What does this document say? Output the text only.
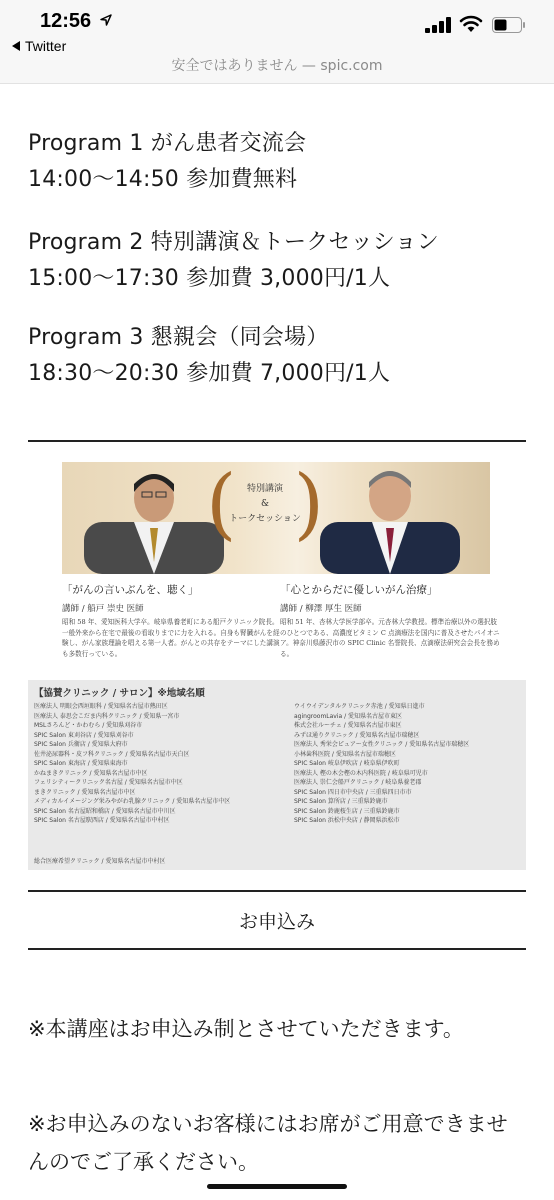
12:56
Twitter
安全ではありません — spic.com
Program 1 がん患者交流会
14:00〜14:50 参加費無料
Program 2 特別講演＆トークセッション
15:00〜17:30 参加費 3,000円/1人
Program 3 懇親会（同会場）
18:30〜20:30 参加費 7,000円/1人
( 特別講演
&
トークセッション
)
「がんの言いぶんを、聴く」
講師 / 船戸 崇史 医師
昭和 58 年、愛知医科大学卒。岐阜県養老町にある船戸クリニック院長。一般外来から在宅で最後の看取りまでに力を入れる。自身も腎臓がんを経験し、がん家族理論を唱える第一人者。がんとの共存をテーマにした講演も多数行っている。
「心とからだに優しいがん治療」
講師 / 柳澤 厚生 医師
昭和 51 年、杏林大学医学部卒。元杏林大学教授。標準治療以外の選択肢のひとつである、高濃度ビタミン C 点滴療法を国内に普及させたパイオニア。神奈川県藤沢市の SPIC Clinic 名誉院長、点滴療法研究会会長を務める。
【協賛クリニック / サロン】※地域名順
医療法人 明眼会西垣眼科 / 愛知県名古屋市熱田区
医療法人 泰思会こだま内科クリニック / 愛知県一宮市
MSLさろんど・かわむら / 愛知県刈谷市
SPIC Salon 東刈谷店 / 愛知県刈谷市
SPIC Salon 兵衛店 / 愛知県大府市
佐井泌尿器科・皮フ科クリニック / 愛知県名古屋市天白区
SPIC Salon 東海店 / 愛知県東海市
かねまきクリニック / 愛知県名古屋市中区
フェリシティークリニック名古屋 / 愛知県名古屋市中区
まきクリニック / 愛知県名古屋市中区
メディカルイメージング栄みやがわ乳腺クリニック / 愛知県名古屋市中区
SPIC Salon 名古屋昭和橋店 / 愛知県名古屋市中川区
SPIC Salon 名古屋駅西店 / 愛知県名古屋市中村区
ウイウイデンタルクリニック赤池 / 愛知県日進市
agingroomLavia / 愛知県名古屋市東区
株式会社ルーチェ / 愛知県名古屋市東区
みずほ通りクリニック / 愛知県名古屋市瑞穂区
医療法人 秀栄会ピュアー女性クリニック / 愛知県名古屋市瑞穂区
小林歯科医院 / 愛知県名古屋市瑞穂区
SPIC Salon 岐阜伊吹店 / 岐阜県伊吹町
医療法人 樫の木会樫の木内科医院 / 岐阜県可児市
医療法人 崇仁会船戸クリニック / 岐阜県養老郡
SPIC Salon 四日市中央店 / 三重県四日市市
SPIC Salon 算所店 / 三重県鈴鹿市
SPIC Salon 鈴鹿桜生店 / 三重県鈴鹿市
SPIC Salon 浜松中央店 / 静岡県浜松市
総合医療希望クリニック / 愛知県名古屋市中村区
お申込み
※本講座はお申込み制とさせていただきます。
※お申込みのないお客様にはお席がご用意できませんのでご了承ください。
